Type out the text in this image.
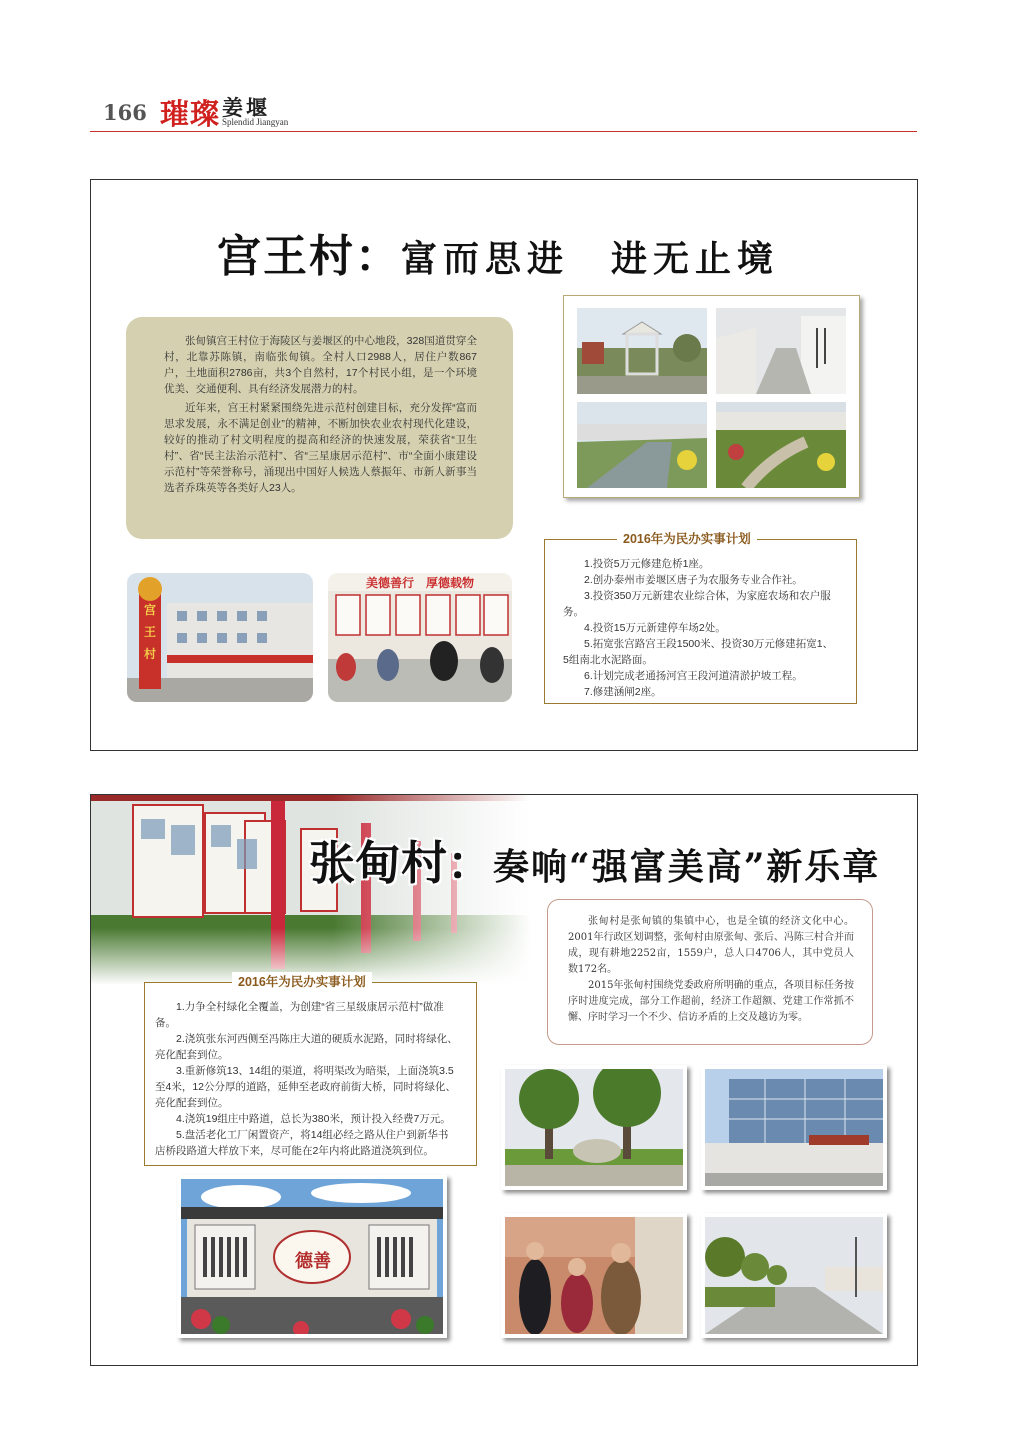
166 璀璨 姜堰
Splendid Jiangyan
宫王村：富而思进　进无止境

张甸镇宫王村位于海陵区与姜堰区的中心地段，328国道贯穿全村，北靠苏陈镇，南临张甸镇。全村人口2988人，居住户数867户，土地面积2786亩，共3个自然村，17个村民小组，是一个环境优美、交通便利、具有经济发展潜力的村。

近年来，宫王村紧紧围绕先进示范村创建目标，充分发挥“富而思求发展，永不满足创业”的精神，不断加快农业农村现代化建设，较好的推动了村文明程度的提高和经济的快速发展，荣获省“卫生村”、省“民主法治示范村”、省“三星康居示范村”、市“全面小康建设示范村”等荣誉称号，涌现出中国好人候选人蔡振年、市新人新事当选者乔珠英等各类好人23人。

宫王村
美德善行　厚德载物
1.投资5万元修建危桥1座。
2.创办泰州市姜堰区唐子为农服务专业合作社。
3.投资350万元新建农业综合体，为家庭农场和农户服务。
4.投资15万元新建停车场2处。
5.拓宽张宫路宫王段1500米、投资30万元修建拓宽1、5组南北水泥路面。
6.计划完成老通扬河宫王段河道清淤护坡工程。
7.修建涵闸2座。
2016年为民办实事计划
张甸村：奏响“强富美高”新乐章

张甸村是张甸镇的集镇中心，也是全镇的经济文化中心。2001年行政区划调整，张甸村由原张甸、张后、冯陈三村合并而成，现有耕地2252亩，1559户，总人口4706人，其中党员人数172名。

2015年张甸村围绕党委政府所明确的重点，各项目标任务按序时进度完成，部分工作超前，经济工作超额、党建工作常抓不懈、序时学习一个不少、信访矛盾的上交及越访为零。

1.力争全村绿化全覆盖，为创建“省三星级康居示范村”做准备。
2.浇筑张东河西侧至冯陈庄大道的硬质水泥路，同时将绿化、亮化配套到位。
3.重新修筑13、14组的渠道，将明渠改为暗渠，上面浇筑3.5至4米，12公分厚的道路，延伸至老政府前街大桥，同时将绿化、亮化配套到位。
4.浇筑19组庄中路道，总长为380米，预计投入经费7万元。
5.盘活老化工厂闲置资产，将14组必经之路从住户到新华书店桥段路道大样放下来，尽可能在2年内将此路道浇筑到位。
2016年为民办实事计划
德善
